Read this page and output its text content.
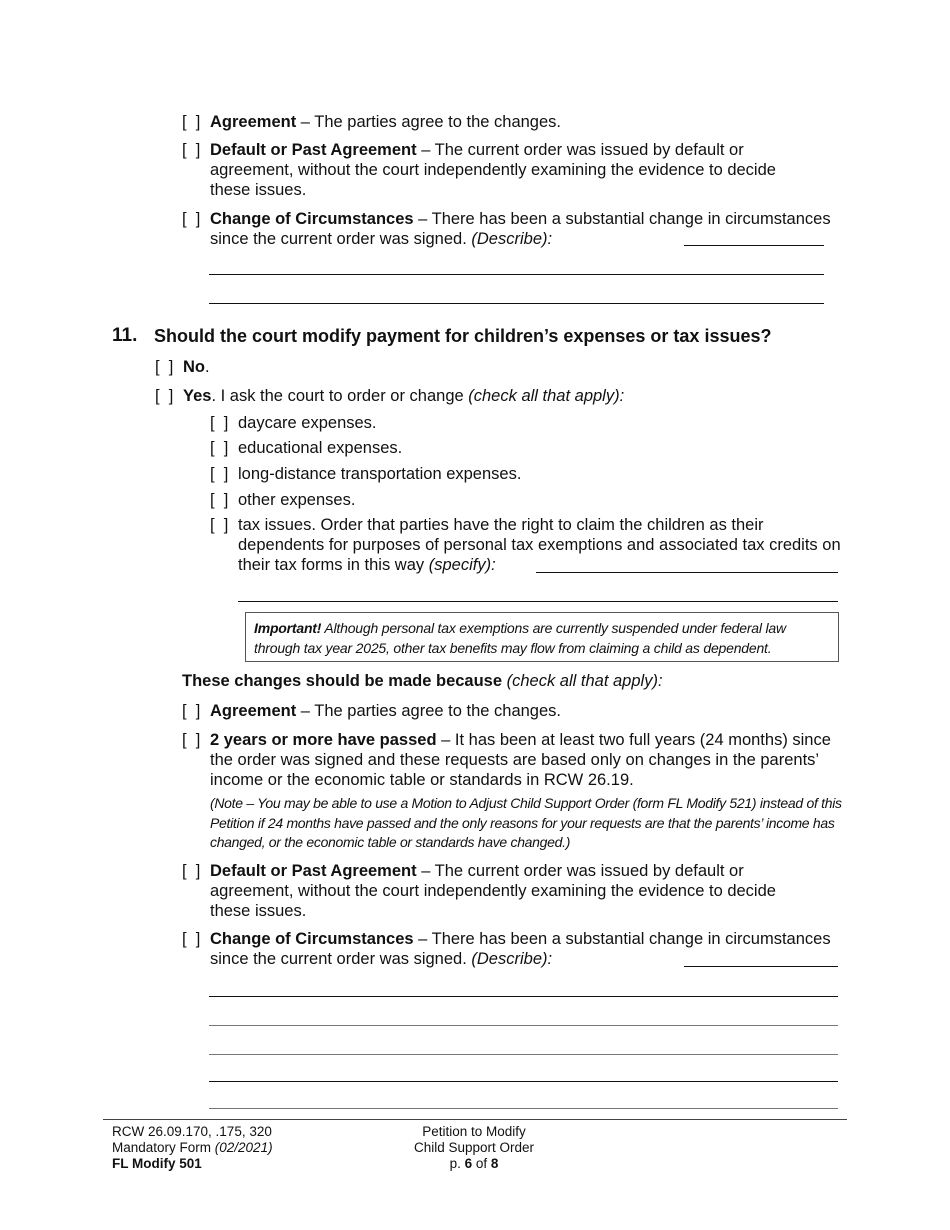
[  ] Agreement – The parties agree to the changes.
[  ] Default or Past Agreement – The current order was issued by default or agreement, without the court independently examining the evidence to decide these issues.
[  ] Change of Circumstances – There has been a substantial change in circumstances since the current order was signed. (Describe):
11. Should the court modify payment for children’s expenses or tax issues?
[  ] No.
[  ] Yes. I ask the court to order or change (check all that apply):
[  ] daycare expenses.
[  ] educational expenses.
[  ] long-distance transportation expenses.
[  ] other expenses.
[  ] tax issues. Order that parties have the right to claim the children as their dependents for purposes of personal tax exemptions and associated tax credits on their tax forms in this way (specify):
Important! Although personal tax exemptions are currently suspended under federal law through tax year 2025, other tax benefits may flow from claiming a child as dependent.
These changes should be made because (check all that apply):
[  ] Agreement – The parties agree to the changes.
[  ] 2 years or more have passed – It has been at least two full years (24 months) since the order was signed and these requests are based only on changes in the parents’ income or the economic table or standards in RCW 26.19.
(Note – You may be able to use a Motion to Adjust Child Support Order (form FL Modify 521) instead of this Petition if 24 months have passed and the only reasons for your requests are that the parents’ income has changed, or the economic table or standards have changed.)
[  ] Default or Past Agreement – The current order was issued by default or agreement, without the court independently examining the evidence to decide these issues.
[  ] Change of Circumstances – There has been a substantial change in circumstances since the current order was signed. (Describe):
RCW 26.09.170, .175, 320
Mandatory Form (02/2021)
FL Modify 501
Petition to Modify
Child Support Order
p. 6 of 8
